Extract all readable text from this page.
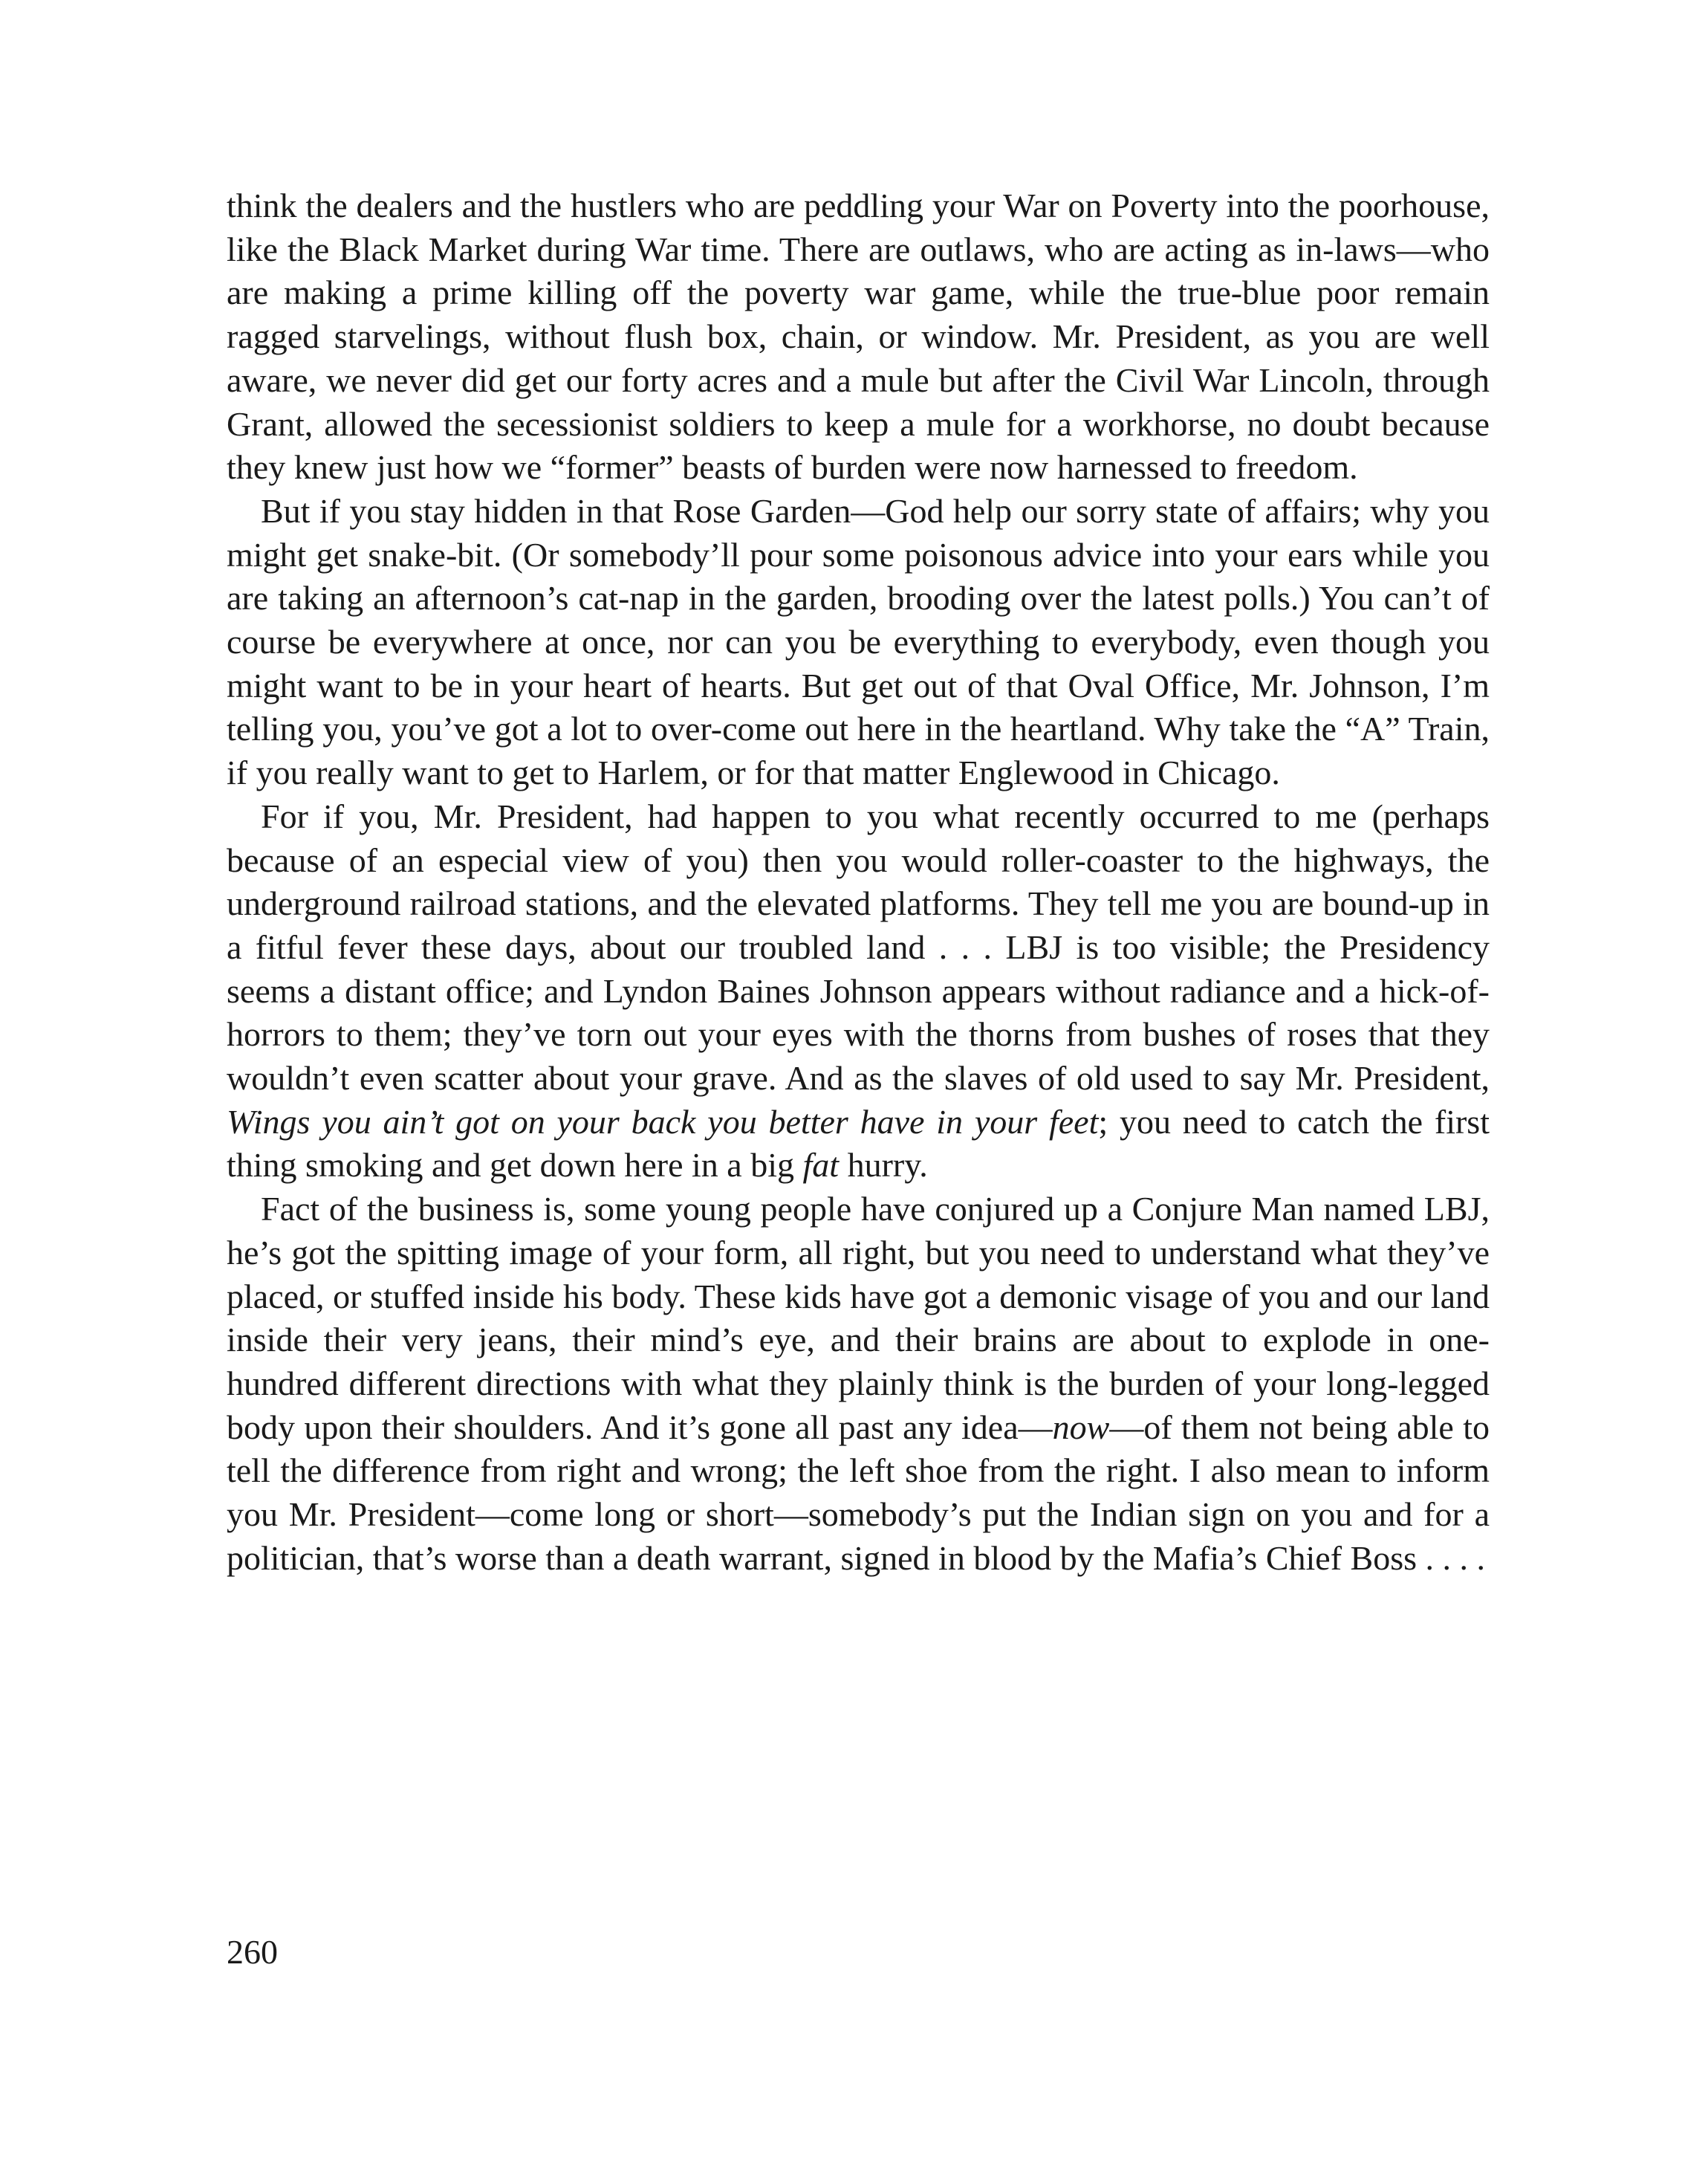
think the dealers and the hustlers who are peddling your War on Poverty into the poorhouse, like the Black Market during War time. There are outlaws, who are acting as in-laws—who are making a prime killing off the poverty war game, while the true-blue poor remain ragged starvelings, without flush box, chain, or window. Mr. President, as you are well aware, we never did get our forty acres and a mule but after the Civil War Lincoln, through Grant, allowed the secessionist soldiers to keep a mule for a workhorse, no doubt because they knew just how we “former” beasts of burden were now harnessed to freedom.

But if you stay hidden in that Rose Garden—God help our sorry state of affairs; why you might get snake-bit. (Or somebody’ll pour some poisonous advice into your ears while you are taking an afternoon’s cat-nap in the garden, brooding over the latest polls.) You can’t of course be everywhere at once, nor can you be everything to everybody, even though you might want to be in your heart of hearts. But get out of that Oval Office, Mr. Johnson, I’m telling you, you’ve got a lot to over-come out here in the heartland. Why take the “A” Train, if you really want to get to Harlem, or for that matter Englewood in Chicago.

For if you, Mr. President, had happen to you what recently occurred to me (perhaps because of an especial view of you) then you would roller-coaster to the highways, the underground railroad stations, and the elevated platforms. They tell me you are bound-up in a fitful fever these days, about our troubled land . . . LBJ is too visible; the Presidency seems a distant office; and Lyndon Baines Johnson appears without radiance and a hick-of-horrors to them; they’ve torn out your eyes with the thorns from bushes of roses that they wouldn’t even scatter about your grave. And as the slaves of old used to say Mr. President, Wings you ain’t got on your back you better have in your feet; you need to catch the first thing smoking and get down here in a big fat hurry.

Fact of the business is, some young people have conjured up a Conjure Man named LBJ, he’s got the spitting image of your form, all right, but you need to understand what they’ve placed, or stuffed inside his body. These kids have got a demonic visage of you and our land inside their very jeans, their mind’s eye, and their brains are about to explode in one-hundred different directions with what they plainly think is the burden of your long-legged body upon their shoulders. And it’s gone all past any idea—now—of them not being able to tell the difference from right and wrong; the left shoe from the right. I also mean to inform you Mr. President—come long or short—somebody’s put the Indian sign on you and for a politician, that’s worse than a death warrant, signed in blood by the Mafia’s Chief Boss . . . .

260
